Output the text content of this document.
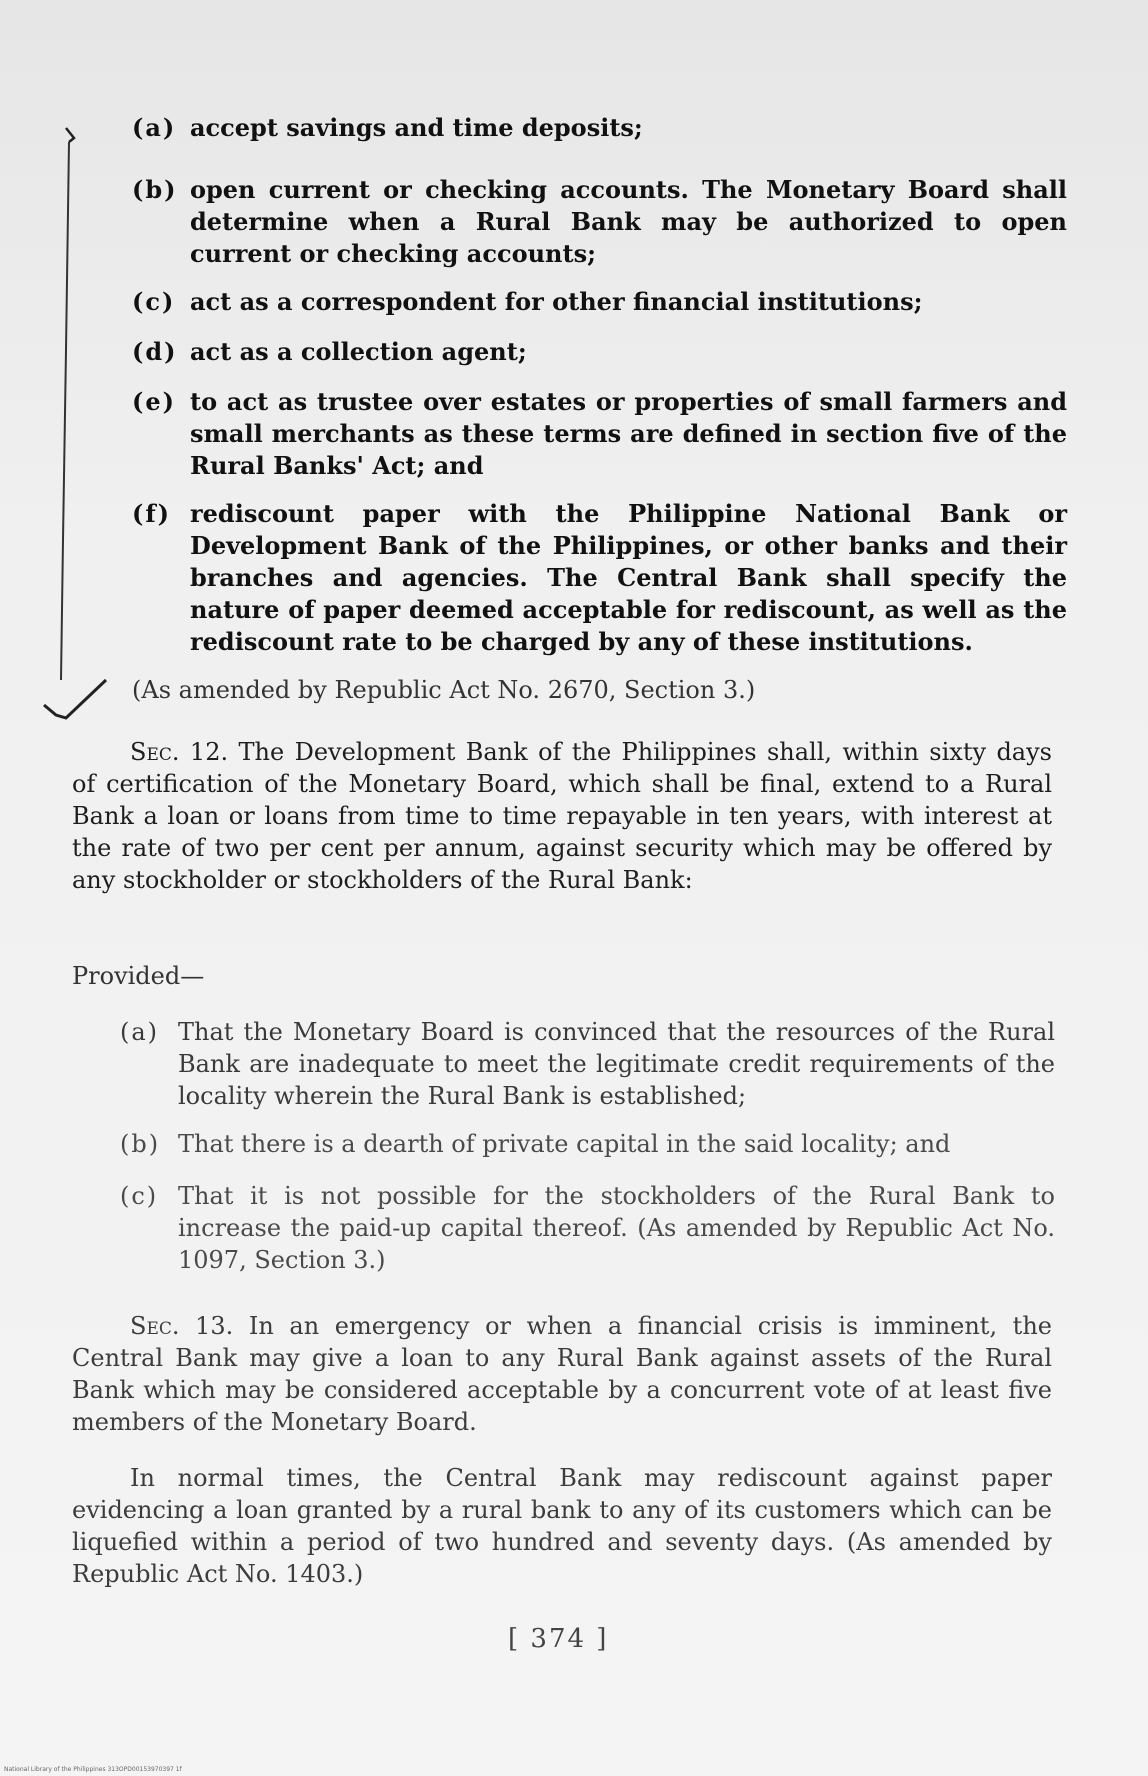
(a) accept savings and time deposits;
(b) open current or checking accounts. The Monetary Board shall determine when a Rural Bank may be authorized to open current or checking accounts;
(c) act as a correspondent for other financial institutions;
(d) act as a collection agent;
(e) to act as trustee over estates or properties of small farmers and small merchants as these terms are defined in section five of the Rural Banks' Act; and
(f) rediscount paper with the Philippine National Bank or Development Bank of the Philippines, or other banks and their branches and agencies. The Central Bank shall specify the nature of paper deemed acceptable for rediscount, as well as the rediscount rate to be charged by any of these institutions.
(As amended by Republic Act No. 2670, Section 3.)
Sec. 12. The Development Bank of the Philippines shall, within sixty days of certification of the Monetary Board, which shall be final, extend to a Rural Bank a loan or loans from time to time repayable in ten years, with interest at the rate of two per cent per annum, against security which may be offered by any stockholder or stockholders of the Rural Bank:
Provided—
(a) That the Monetary Board is convinced that the resources of the Rural Bank are inadequate to meet the legitimate credit requirements of the locality wherein the Rural Bank is established;
(b) That there is a dearth of private capital in the said locality; and
(c) That it is not possible for the stockholders of the Rural Bank to increase the paid-up capital thereof. (As amended by Republic Act No. 1097, Section 3.)
Sec. 13. In an emergency or when a financial crisis is imminent, the Central Bank may give a loan to any Rural Bank against assets of the Rural Bank which may be considered acceptable by a concurrent vote of at least five members of the Monetary Board.
In normal times, the Central Bank may rediscount against paper evidencing a loan granted by a rural bank to any of its customers which can be liquefied within a period of two hundred and seventy days. (As amended by Republic Act No. 1403.)
[ 374 ]
National Library of the Philippines 313OPD00153970397 1f
